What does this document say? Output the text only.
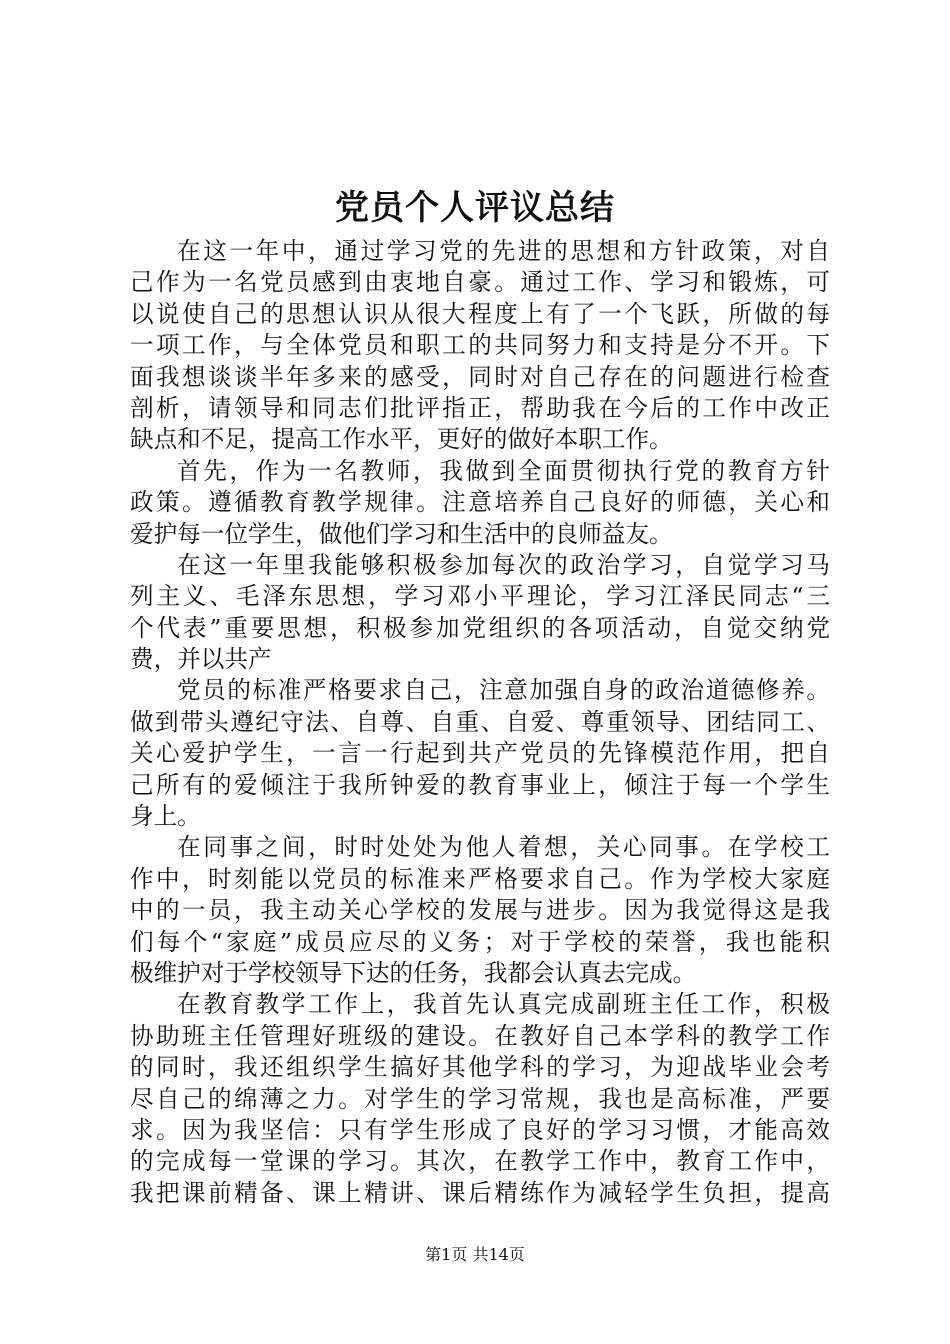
党员个人评议总结
在这一年中，通过学习党的先进的思想和方针政策，对自
己作为一名党员感到由衷地自豪。通过工作、学习和锻炼，可
以说使自己的思想认识从很大程度上有了一个飞跃，所做的每
一项工作，与全体党员和职工的共同努力和支持是分不开。下
面我想谈谈半年多来的感受，同时对自己存在的问题进行检查
剖析，请领导和同志们批评指正，帮助我在今后的工作中改正
缺点和不足，提高工作水平，更好的做好本职工作。
首先，作为一名教师，我做到全面贯彻执行党的教育方针
政策。遵循教育教学规律。注意培养自己良好的师德，关心和
爱护每一位学生，做他们学习和生活中的良师益友。
在这一年里我能够积极参加每次的政治学习，自觉学习马
列主义、毛泽东思想，学习邓小平理论，学习江泽民同志“三
个代表”重要思想，积极参加党组织的各项活动，自觉交纳党
费，并以共产
党员的标准严格要求自己，注意加强自身的政治道德修养。
做到带头遵纪守法、自尊、自重、自爱、尊重领导、团结同工、
关心爱护学生，一言一行起到共产党员的先锋模范作用，把自
己所有的爱倾注于我所钟爱的教育事业上，倾注于每一个学生
身上。
在同事之间，时时处处为他人着想，关心同事。在学校工
作中，时刻能以党员的标准来严格要求自己。作为学校大家庭
中的一员，我主动关心学校的发展与进步。因为我觉得这是我
们每个“家庭”成员应尽的义务；对于学校的荣誉，我也能积
极维护对于学校领导下达的任务，我都会认真去完成。
在教育教学工作上，我首先认真完成副班主任工作，积极
协助班主任管理好班级的建设。在教好自己本学科的教学工作
的同时，我还组织学生搞好其他学科的学习，为迎战毕业会考
尽自己的绵薄之力。对学生的学习常规，我也是高标准，严要
求。因为我坚信：只有学生形成了良好的学习习惯，才能高效
的完成每一堂课的学习。其次，在教学工作中，教育工作中，
我把课前精备、课上精讲、课后精练作为减轻学生负担，提高
第1页 共14页
